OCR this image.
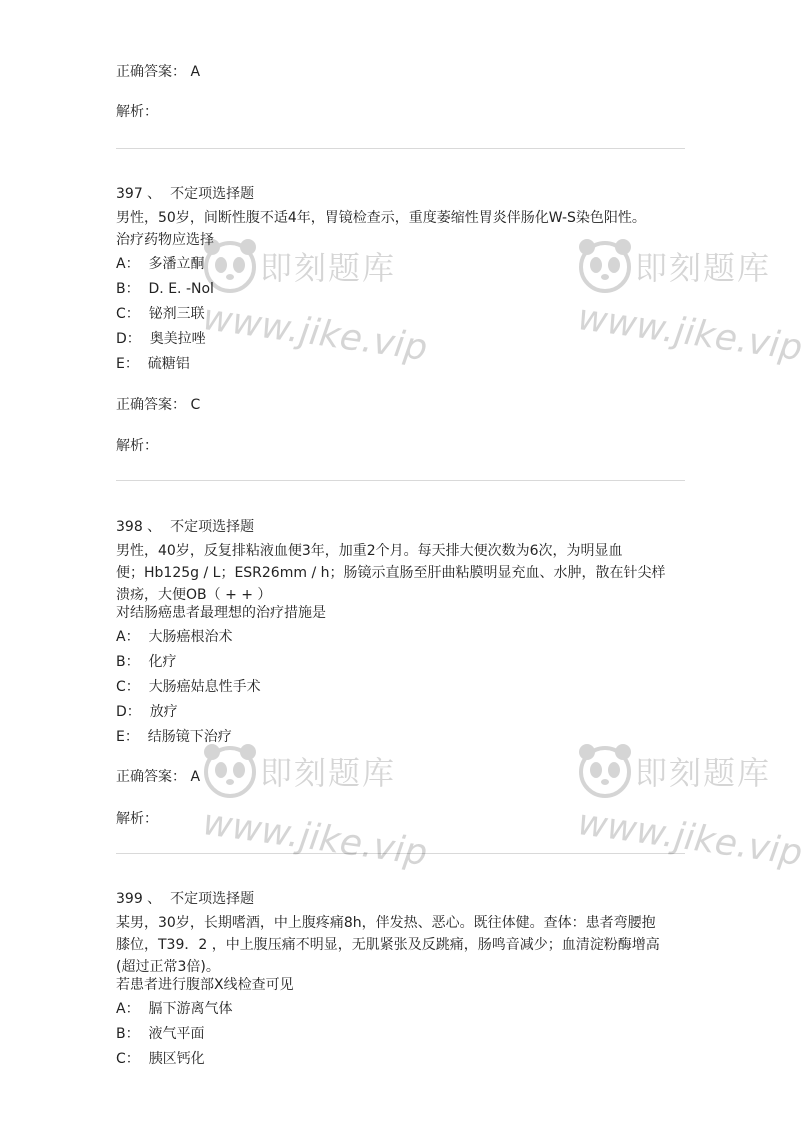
正确答案： A
解析：
397 、 不定项选择题
男性，50岁，间断性腹不适4年，胃镜检查示，重度萎缩性胃炎伴肠化W-S染色阳性。
治疗药物应选择
A： 多潘立酮
B： D. E. -Nol
C： 铋剂三联
D： 奥美拉唑
E： 硫糖铝
正确答案： C
解析：
398 、 不定项选择题
男性，40岁，反复排粘液血便3年，加重2个月。每天排大便次数为6次，为明显血
便；Hb125g / L；ESR26mm / h；肠镜示直肠至肝曲粘膜明显充血、水肿，散在针尖样
溃疡，大便OB（ + + ）
对结肠癌患者最理想的治疗措施是
A： 大肠癌根治术
B： 化疗
C： 大肠癌姑息性手术
D： 放疗
E： 结肠镜下治疗
正确答案： A
解析：
399 、 不定项选择题
某男，30岁，长期嗜酒，中上腹疼痛8h，伴发热、恶心。既往体健。查体：患者弯腰抱
膝位，T39．2 ，中上腹压痛不明显，无肌紧张及反跳痛，肠鸣音减少；血清淀粉酶增高
(超过正常3倍)。
若患者进行腹部X线检查可见
A： 膈下游离气体
B： 液气平面
C： 胰区钙化
即刻题库
www.jike.vip
即刻题库
www.jike.vip
即刻题库
www.jike.vip
即刻题库
www.jike.vip
